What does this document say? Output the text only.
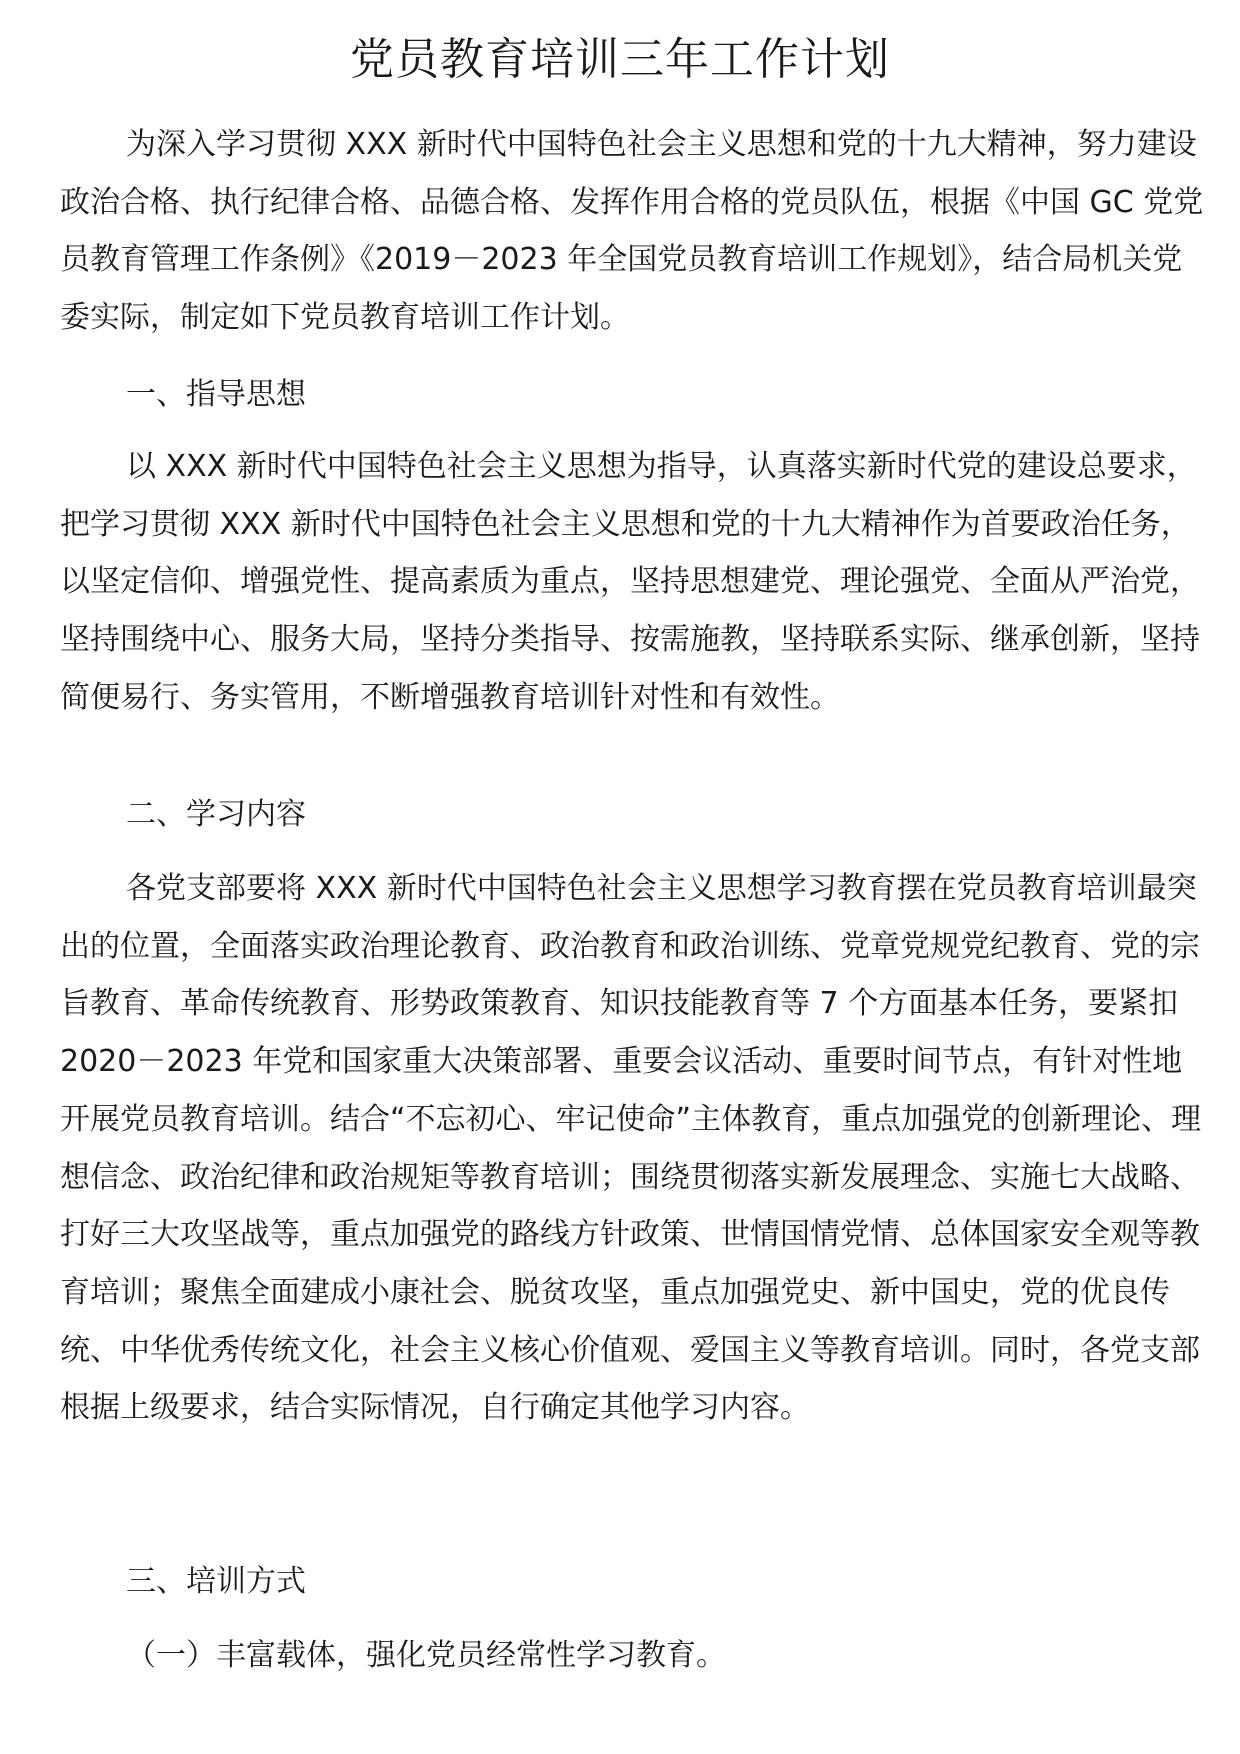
党员教育培训三年工作计划

为深入学习贯彻 XXX 新时代中国特色社会主义思想和党的十九大精神，努力建设政治合格、执行纪律合格、品德合格、发挥作用合格的党员队伍，根据《中国 GC 党党员教育管理工作条例》《2019－2023 年全国党员教育培训工作规划》，结合局机关党委实际，制定如下党员教育培训工作计划。

一、指导思想

以 XXX 新时代中国特色社会主义思想为指导，认真落实新时代党的建设总要求，把学习贯彻 XXX 新时代中国特色社会主义思想和党的十九大精神作为首要政治任务，以坚定信仰、增强党性、提高素质为重点，坚持思想建党、理论强党、全面从严治党，坚持围绕中心、服务大局，坚持分类指导、按需施教，坚持联系实际、继承创新，坚持简便易行、务实管用，不断增强教育培训针对性和有效性。

二、学习内容

各党支部要将 XXX 新时代中国特色社会主义思想学习教育摆在党员教育培训最突出的位置，全面落实政治理论教育、政治教育和政治训练、党章党规党纪教育、党的宗旨教育、革命传统教育、形势政策教育、知识技能教育等 7 个方面基本任务，要紧扣 2020－2023 年党和国家重大决策部署、重要会议活动、重要时间节点，有针对性地开展党员教育培训。结合“不忘初心、牢记使命”主体教育，重点加强党的创新理论、理想信念、政治纪律和政治规矩等教育培训；围绕贯彻落实新发展理念、实施七大战略、打好三大攻坚战等，重点加强党的路线方针政策、世情国情党情、总体国家安全观等教育培训；聚焦全面建成小康社会、脱贫攻坚，重点加强党史、新中国史，党的优良传统、中华优秀传统文化，社会主义核心价值观、爱国主义等教育培训。同时，各党支部根据上级要求，结合实际情况，自行确定其他学习内容。

三、培训方式

（一）丰富载体，强化党员经常性学习教育。
